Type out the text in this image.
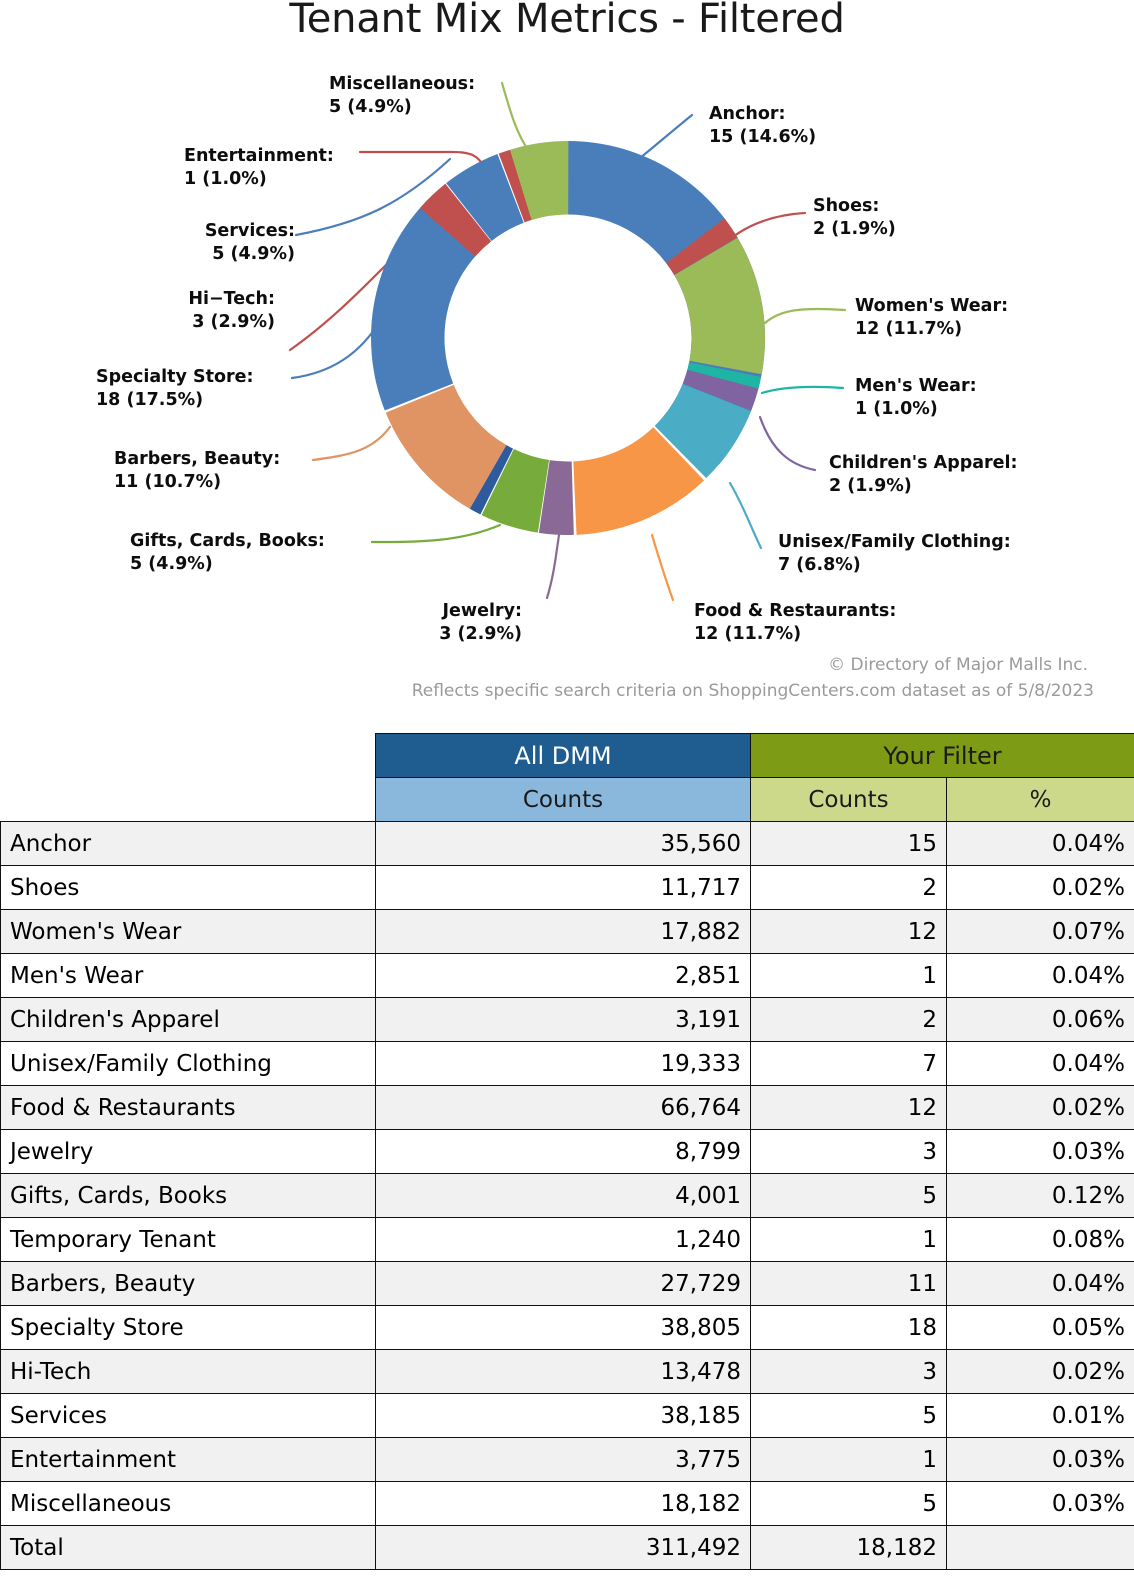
Tenant Mix Metrics - Filtered
Miscellaneous:
5 (4.9%)
Entertainment:
1 (1.0%)
Services:
5 (4.9%)
Hi−Tech:
3 (2.9%)
Specialty Store:
18 (17.5%)
Barbers, Beauty:
11 (10.7%)
Gifts, Cards, Books:
5 (4.9%)
Jewelry:
3 (2.9%)
Food & Restaurants:
12 (11.7%)
Unisex/Family Clothing:
7 (6.8%)
Children's Apparel:
2 (1.9%)
Men's Wear:
1 (1.0%)
Women's Wear:
12 (11.7%)
Shoes:
2 (1.9%)
Anchor:
15 (14.6%)
© Directory of Major Malls Inc.
Reflects specific search criteria on ShoppingCenters.com dataset as of 5/8/2023
	All DMM	Your Filter	
	Counts	Counts	%
Anchor	35,560	15	0.04%
Shoes	11,717	2	0.02%
Women's Wear	17,882	12	0.07%
Men's Wear	2,851	1	0.04%
Children's Apparel	3,191	2	0.06%
Unisex/Family Clothing	19,333	7	0.04%
Food & Restaurants	66,764	12	0.02%
Jewelry	8,799	3	0.03%
Gifts, Cards, Books	4,001	5	0.12%
Temporary Tenant	1,240	1	0.08%
Barbers, Beauty	27,729	11	0.04%
Specialty Store	38,805	18	0.05%
Hi-Tech	13,478	3	0.02%
Services	38,185	5	0.01%
Entertainment	3,775	1	0.03%
Miscellaneous	18,182	5	0.03%
Total	311,492	18,182	
